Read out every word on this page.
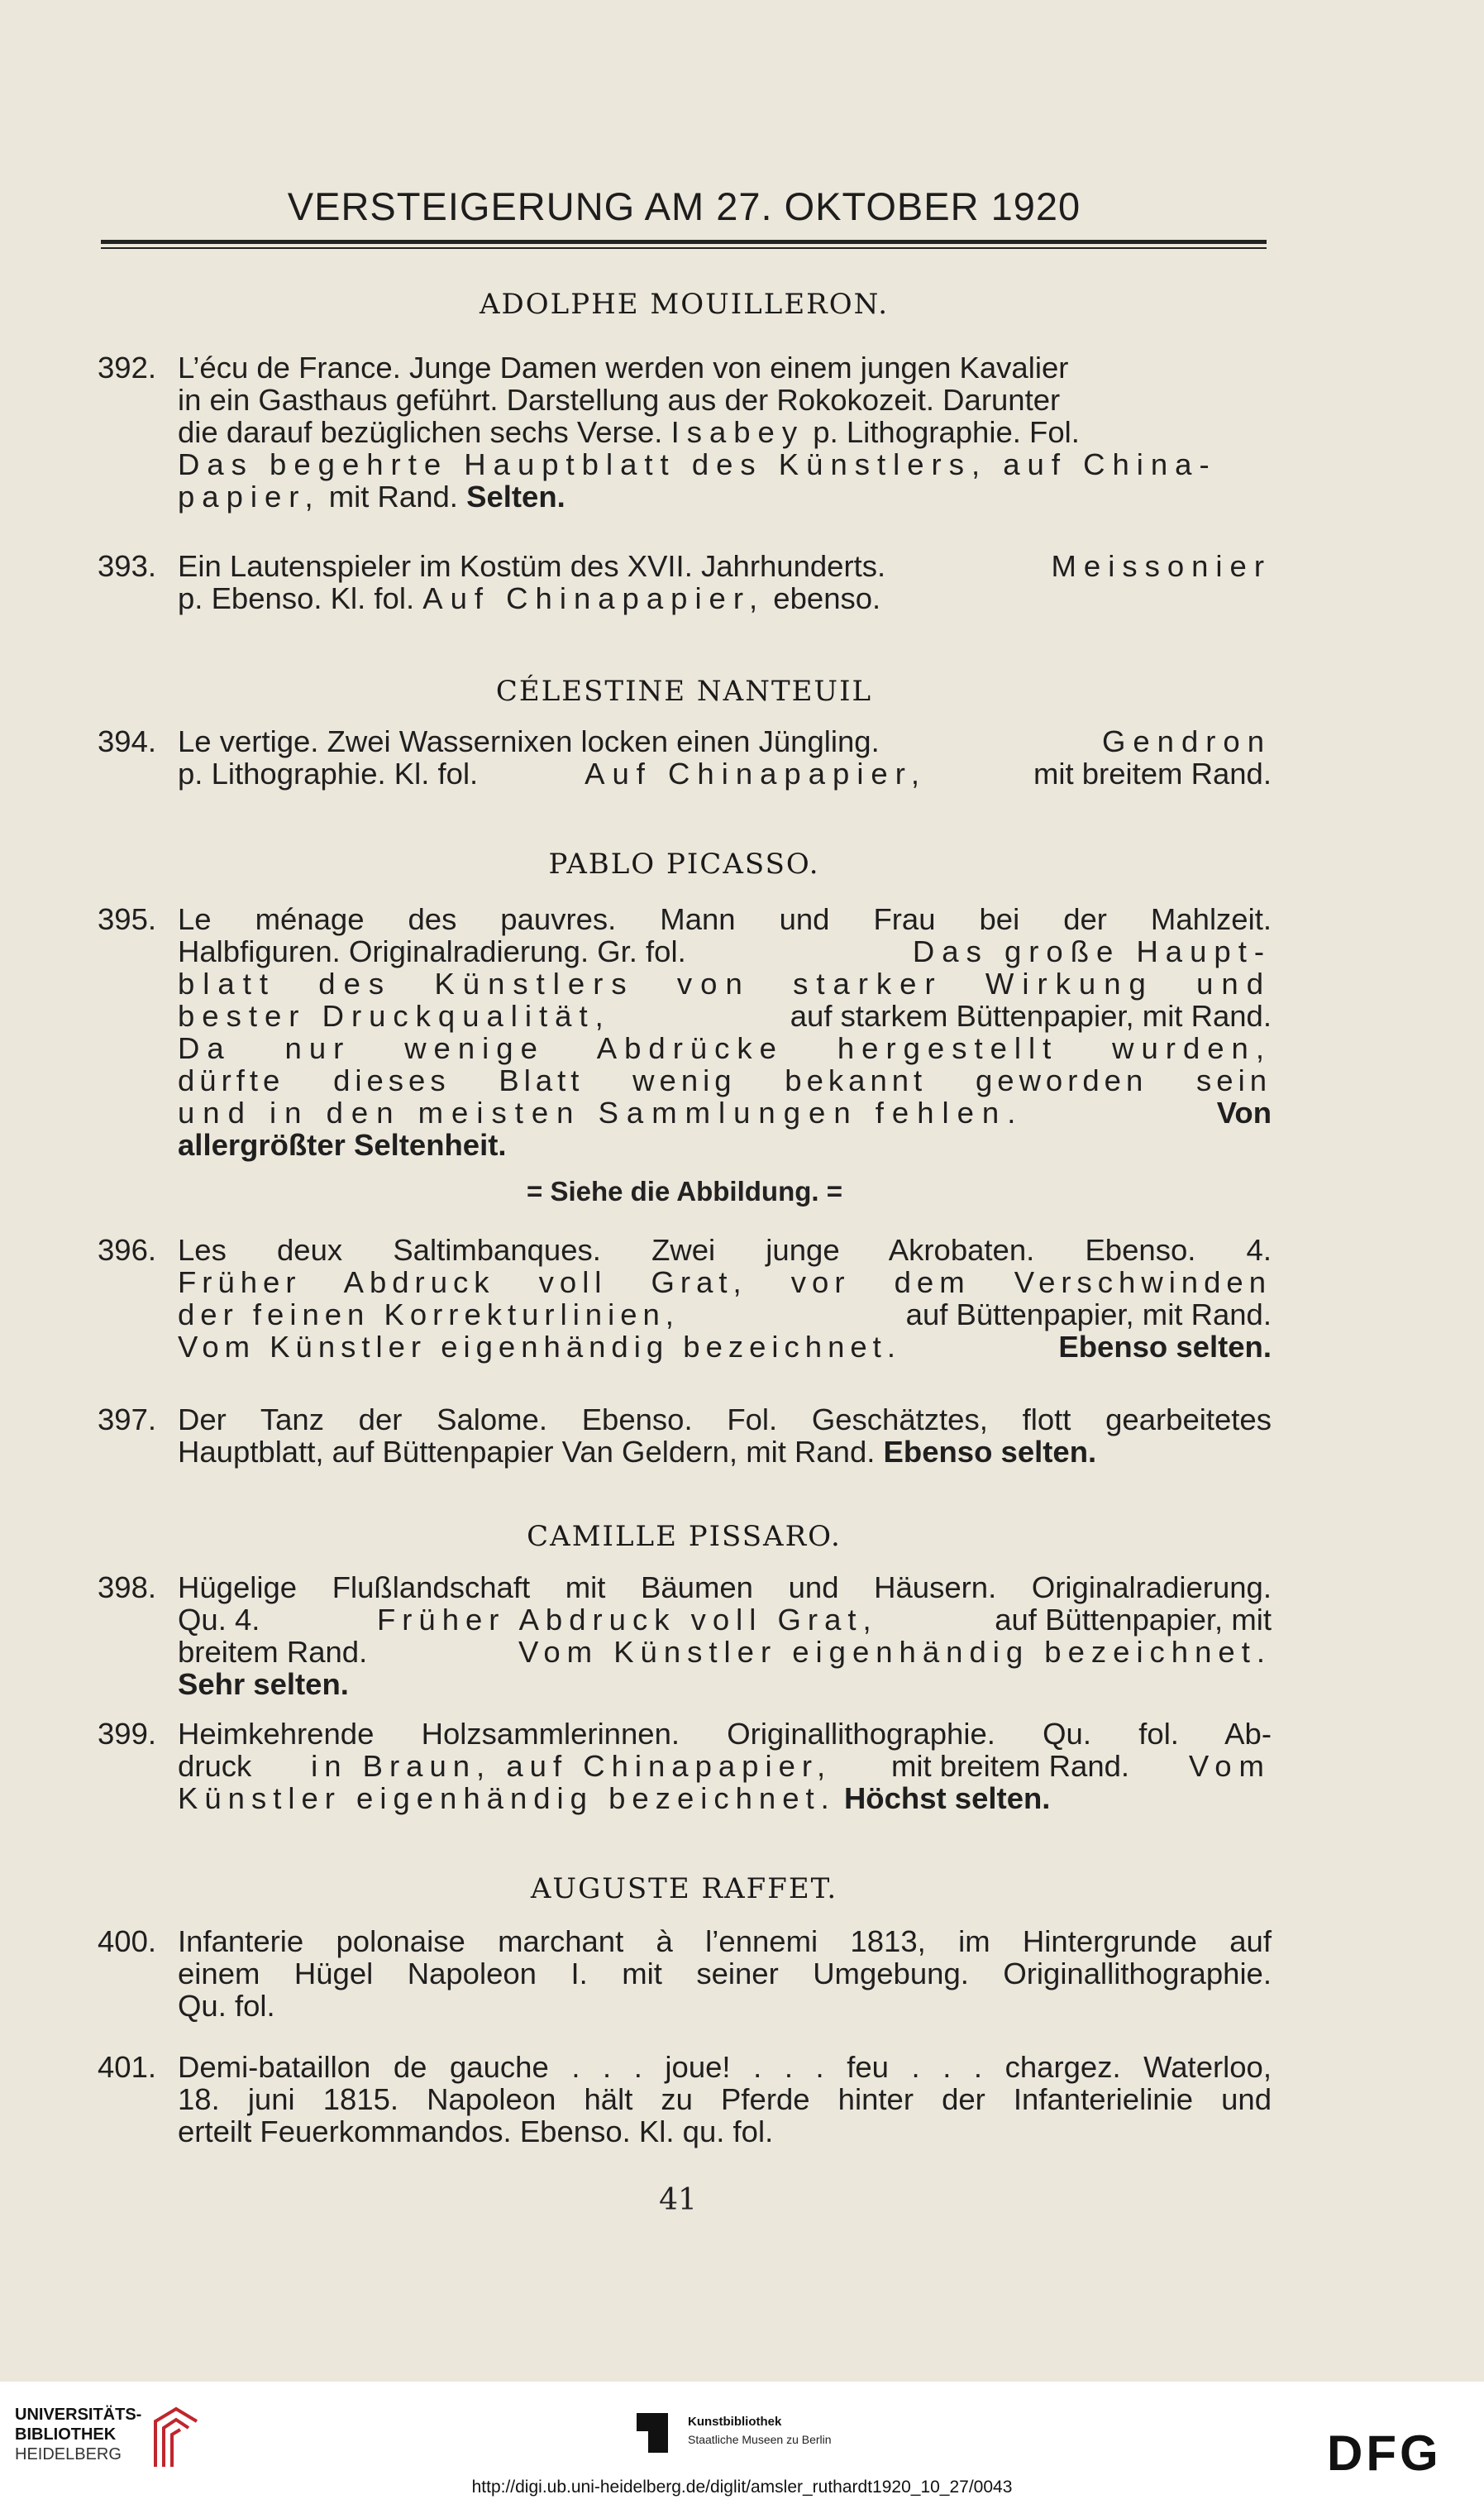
VERSTEIGERUNG AM 27. OKTOBER 1920
ADOLPHE MOUILLERON.
392. L’écu de France. Junge Damen werden von einem jungen Kavalier
in ein Gasthaus geführt. Darstellung aus der Rokokozeit. Darunter
die darauf bezüglichen sechs Verse. Isabey p. Lithographie. Fol.
Das begehrte Hauptblatt des Künstlers, auf China-
papier, mit Rand. Selten.
393. Ein Lautenspieler im Kostüm des XVII. Jahrhunderts.	Meissonier
p. Ebenso. Kl. fol. Auf Chinapapier, ebenso.
CÉLESTINE NANTEUIL
394. Le vertige. Zwei Wassernixen locken einen Jüngling.	Gendron
p. Lithographie. Kl. fol.	Auf Chinapapier,	mit breitem Rand.
PABLO PICASSO.
395. Le ménage des pauvres. Mann und Frau bei der Mahlzeit.
Halbfiguren. Originalradierung. Gr. fol.	Das große Haupt-
blatt des Künstlers von starker Wirkung und
bester Druckqualität,	auf starkem Büttenpapier, mit Rand.
Da nur wenige Abdrücke hergestellt wurden,
dürfte dieses Blatt wenig bekannt geworden sein
und in den meisten Sammlungen fehlen.	Von
allergrößter Seltenheit.
= Siehe die Abbildung. =
396. Les deux Saltimbanques. Zwei junge Akrobaten. Ebenso. 4.
Früher Abdruck voll Grat, vor dem Verschwinden
der feinen Korrekturlinien,	auf Büttenpapier, mit Rand.
Vom Künstler eigenhändig bezeichnet.	Ebenso selten.
397. Der Tanz der Salome. Ebenso. Fol. Geschätztes, flott gearbeitetes
Hauptblatt, auf Büttenpapier Van Geldern, mit Rand. Ebenso selten.
CAMILLE PISSARO.
398. Hügelige Flußlandschaft mit Bäumen und Häusern. Originalradierung.
Qu. 4.	Früher Abdruck voll Grat,	auf Büttenpapier, mit
breitem Rand.	Vom Künstler eigenhändig bezeichnet.
Sehr selten.
399. Heimkehrende Holzsammlerinnen. Originallithographie. Qu. fol. Ab-
druck in Braun, auf Chinapapier, mit breitem Rand. Vom
Künstler eigenhändig bezeichnet. Höchst selten.
AUGUSTE RAFFET.
400. Infanterie polonaise marchant à l’ennemi 1813, im Hintergrunde auf
einem Hügel Napoleon I. mit seiner Umgebung. Originallithographie.
Qu. fol.
401. Demi-bataillon de gauche . . . joue! . . . feu . . . chargez. Waterloo,
18. juni 1815. Napoleon hält zu Pferde hinter der Infanterielinie und
erteilt Feuerkommandos. Ebenso. Kl. qu. fol.
41
UNIVERSITÄTS-
BIBLIOTHEK
HEIDELBERG
Kunstbibliothek
Staatliche Museen zu Berlin	DFG
http://digi.ub.uni-heidelberg.de/diglit/amsler_ruthardt1920_10_27/0043
